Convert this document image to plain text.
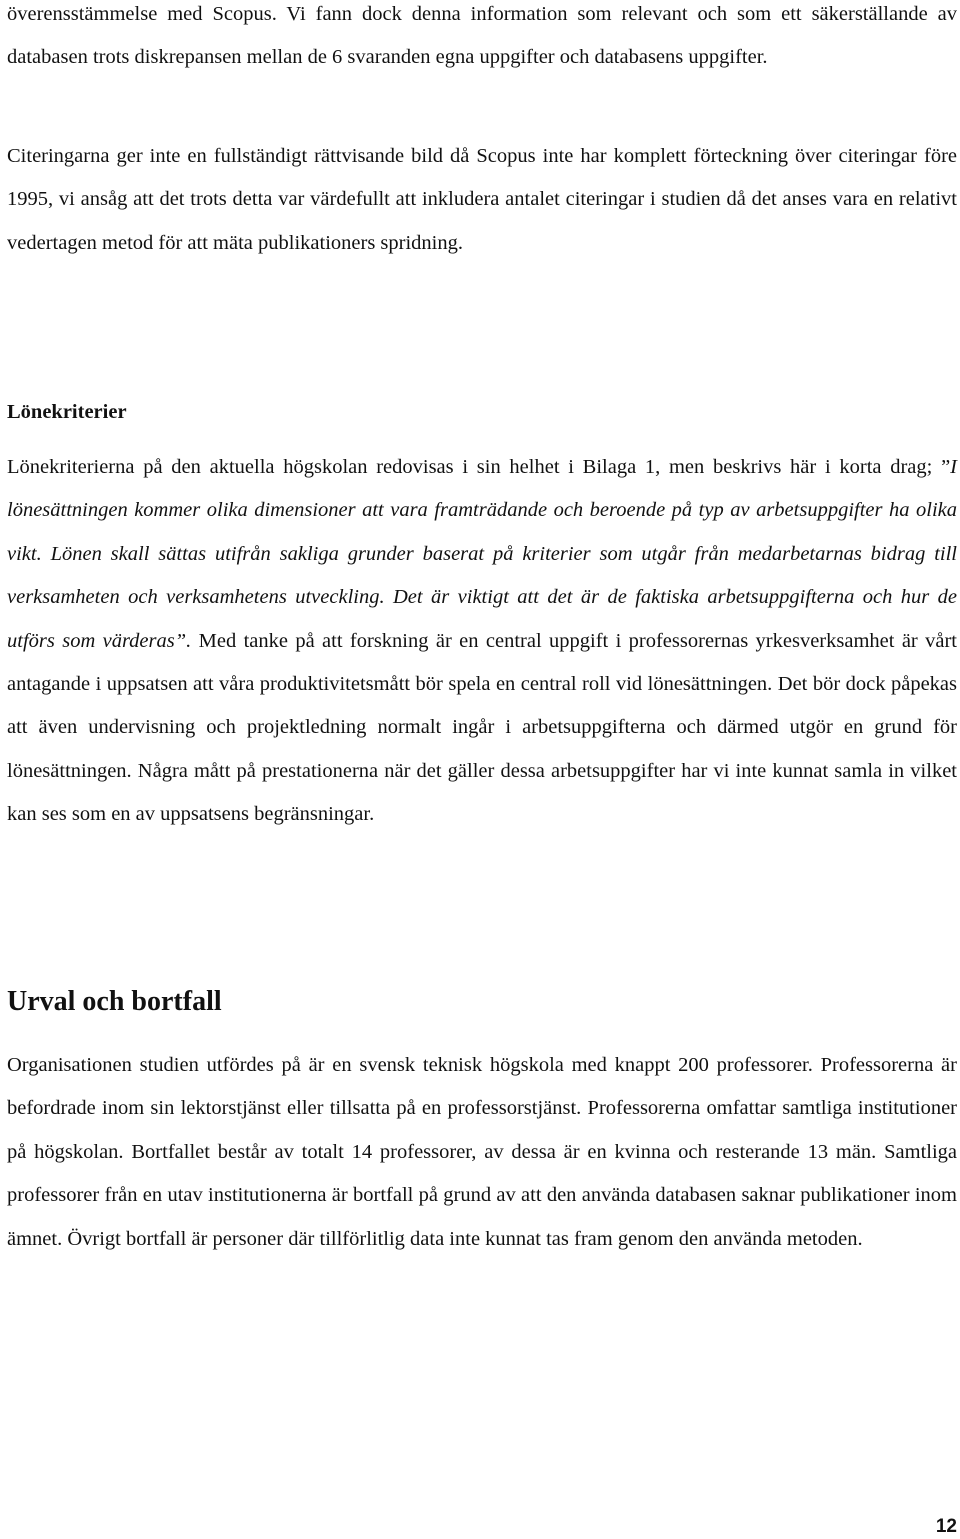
överensstämmelse med Scopus. Vi fann dock denna information som relevant och som ett säkerställande av databasen trots diskrepansen mellan de 6 svaranden egna uppgifter och databasens uppgifter.

Citeringarna ger inte en fullständigt rättvisande bild då Scopus inte har komplett förteckning över citeringar före 1995, vi ansåg att det trots detta var värdefullt att inkludera antalet citeringar i studien då det anses vara en relativt vedertagen metod för att mäta publikationers spridning.

Lönekriterier

Lönekriterierna på den aktuella högskolan redovisas i sin helhet i Bilaga 1, men beskrivs här i korta drag; ”I lönesättningen kommer olika dimensioner att vara framträdande och beroende på typ av arbetsuppgifter ha olika vikt. Lönen skall sättas utifrån sakliga grunder baserat på kriterier som utgår från medarbetarnas bidrag till verksamheten och verksamhetens utveckling. Det är viktigt att det är de faktiska arbetsuppgifterna och hur de utförs som värderas”. Med tanke på att forskning är en central uppgift i professorernas yrkesverksamhet är vårt antagande i uppsatsen att våra produktivitetsmått bör spela en central roll vid lönesättningen. Det bör dock påpekas att även undervisning och projektledning normalt ingår i arbetsuppgifterna och därmed utgör en grund för lönesättningen. Några mått på prestationerna när det gäller dessa arbetsuppgifter har vi inte kunnat samla in vilket kan ses som en av uppsatsens begränsningar.

Urval och bortfall

Organisationen studien utfördes på är en svensk teknisk högskola med knappt 200 professorer. Professorerna är befordrade inom sin lektorstjänst eller tillsatta på en professorstjänst. Professorerna omfattar samtliga institutioner på högskolan. Bortfallet består av totalt 14 professorer, av dessa är en kvinna och resterande 13 män. Samtliga professorer från en utav institutionerna är bortfall på grund av att den använda databasen saknar publikationer inom ämnet. Övrigt bortfall är personer där tillförlitlig data inte kunnat tas fram genom den använda metoden.

12
